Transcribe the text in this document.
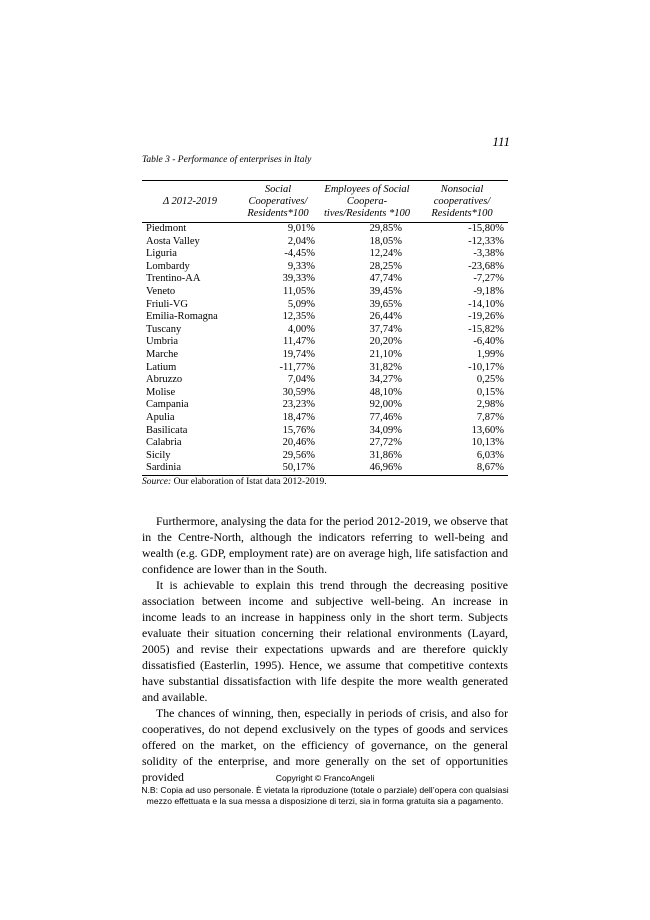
111
Table 3 - Performance of enterprises in Italy
Δ 2012-2019	Social Cooperatives/ Residents*100	Employees of Social Coopera-tives/Residents *100	Nonsocial cooperatives/ Residents*100
Piedmont	9,01%	29,85%	-15,80%
Aosta Valley	2,04%	18,05%	-12,33%
Liguria	-4,45%	12,24%	-3,38%
Lombardy	9,33%	28,25%	-23,68%
Trentino-AA	39,33%	47,74%	-7,27%
Veneto	11,05%	39,45%	-9,18%
Friuli-VG	5,09%	39,65%	-14,10%
Emilia-Romagna	12,35%	26,44%	-19,26%
Tuscany	4,00%	37,74%	-15,82%
Umbria	11,47%	20,20%	-6,40%
Marche	19,74%	21,10%	1,99%
Latium	-11,77%	31,82%	-10,17%
Abruzzo	7,04%	34,27%	0,25%
Molise	30,59%	48,10%	0,15%
Campania	23,23%	92,00%	2,98%
Apulia	18,47%	77,46%	7,87%
Basilicata	15,76%	34,09%	13,60%
Calabria	20,46%	27,72%	10,13%
Sicily	29,56%	31,86%	6,03%
Sardinia	50,17%	46,96%	8,67%
Source: Our elaboration of Istat data 2012-2019.

Furthermore, analysing the data for the period 2012-2019, we observe that in the Centre-North, although the indicators referring to well-being and wealth (e.g. GDP, employment rate) are on average high, life satisfaction and confidence are lower than in the South.

It is achievable to explain this trend through the decreasing positive association between income and subjective well-being. An increase in income leads to an increase in happiness only in the short term. Subjects evaluate their situation concerning their relational environments (Layard, 2005) and revise their expectations upwards and are therefore quickly dissatisfied (Easterlin, 1995). Hence, we assume that competitive contexts have substantial dissatisfaction with life despite the more wealth generated and available.

The chances of winning, then, especially in periods of crisis, and also for cooperatives, do not depend exclusively on the types of goods and services offered on the market, on the efficiency of governance, on the general solidity of the enterprise, and more generally on the set of opportunities provided	Copyright © FrancoAngeli
N.B: Copia ad uso personale. È vietata la riproduzione (totale o parziale) dell’opera con qualsiasi
mezzo effettuata e la sua messa a disposizione di terzi, sia in forma gratuita sia a pagamento.
